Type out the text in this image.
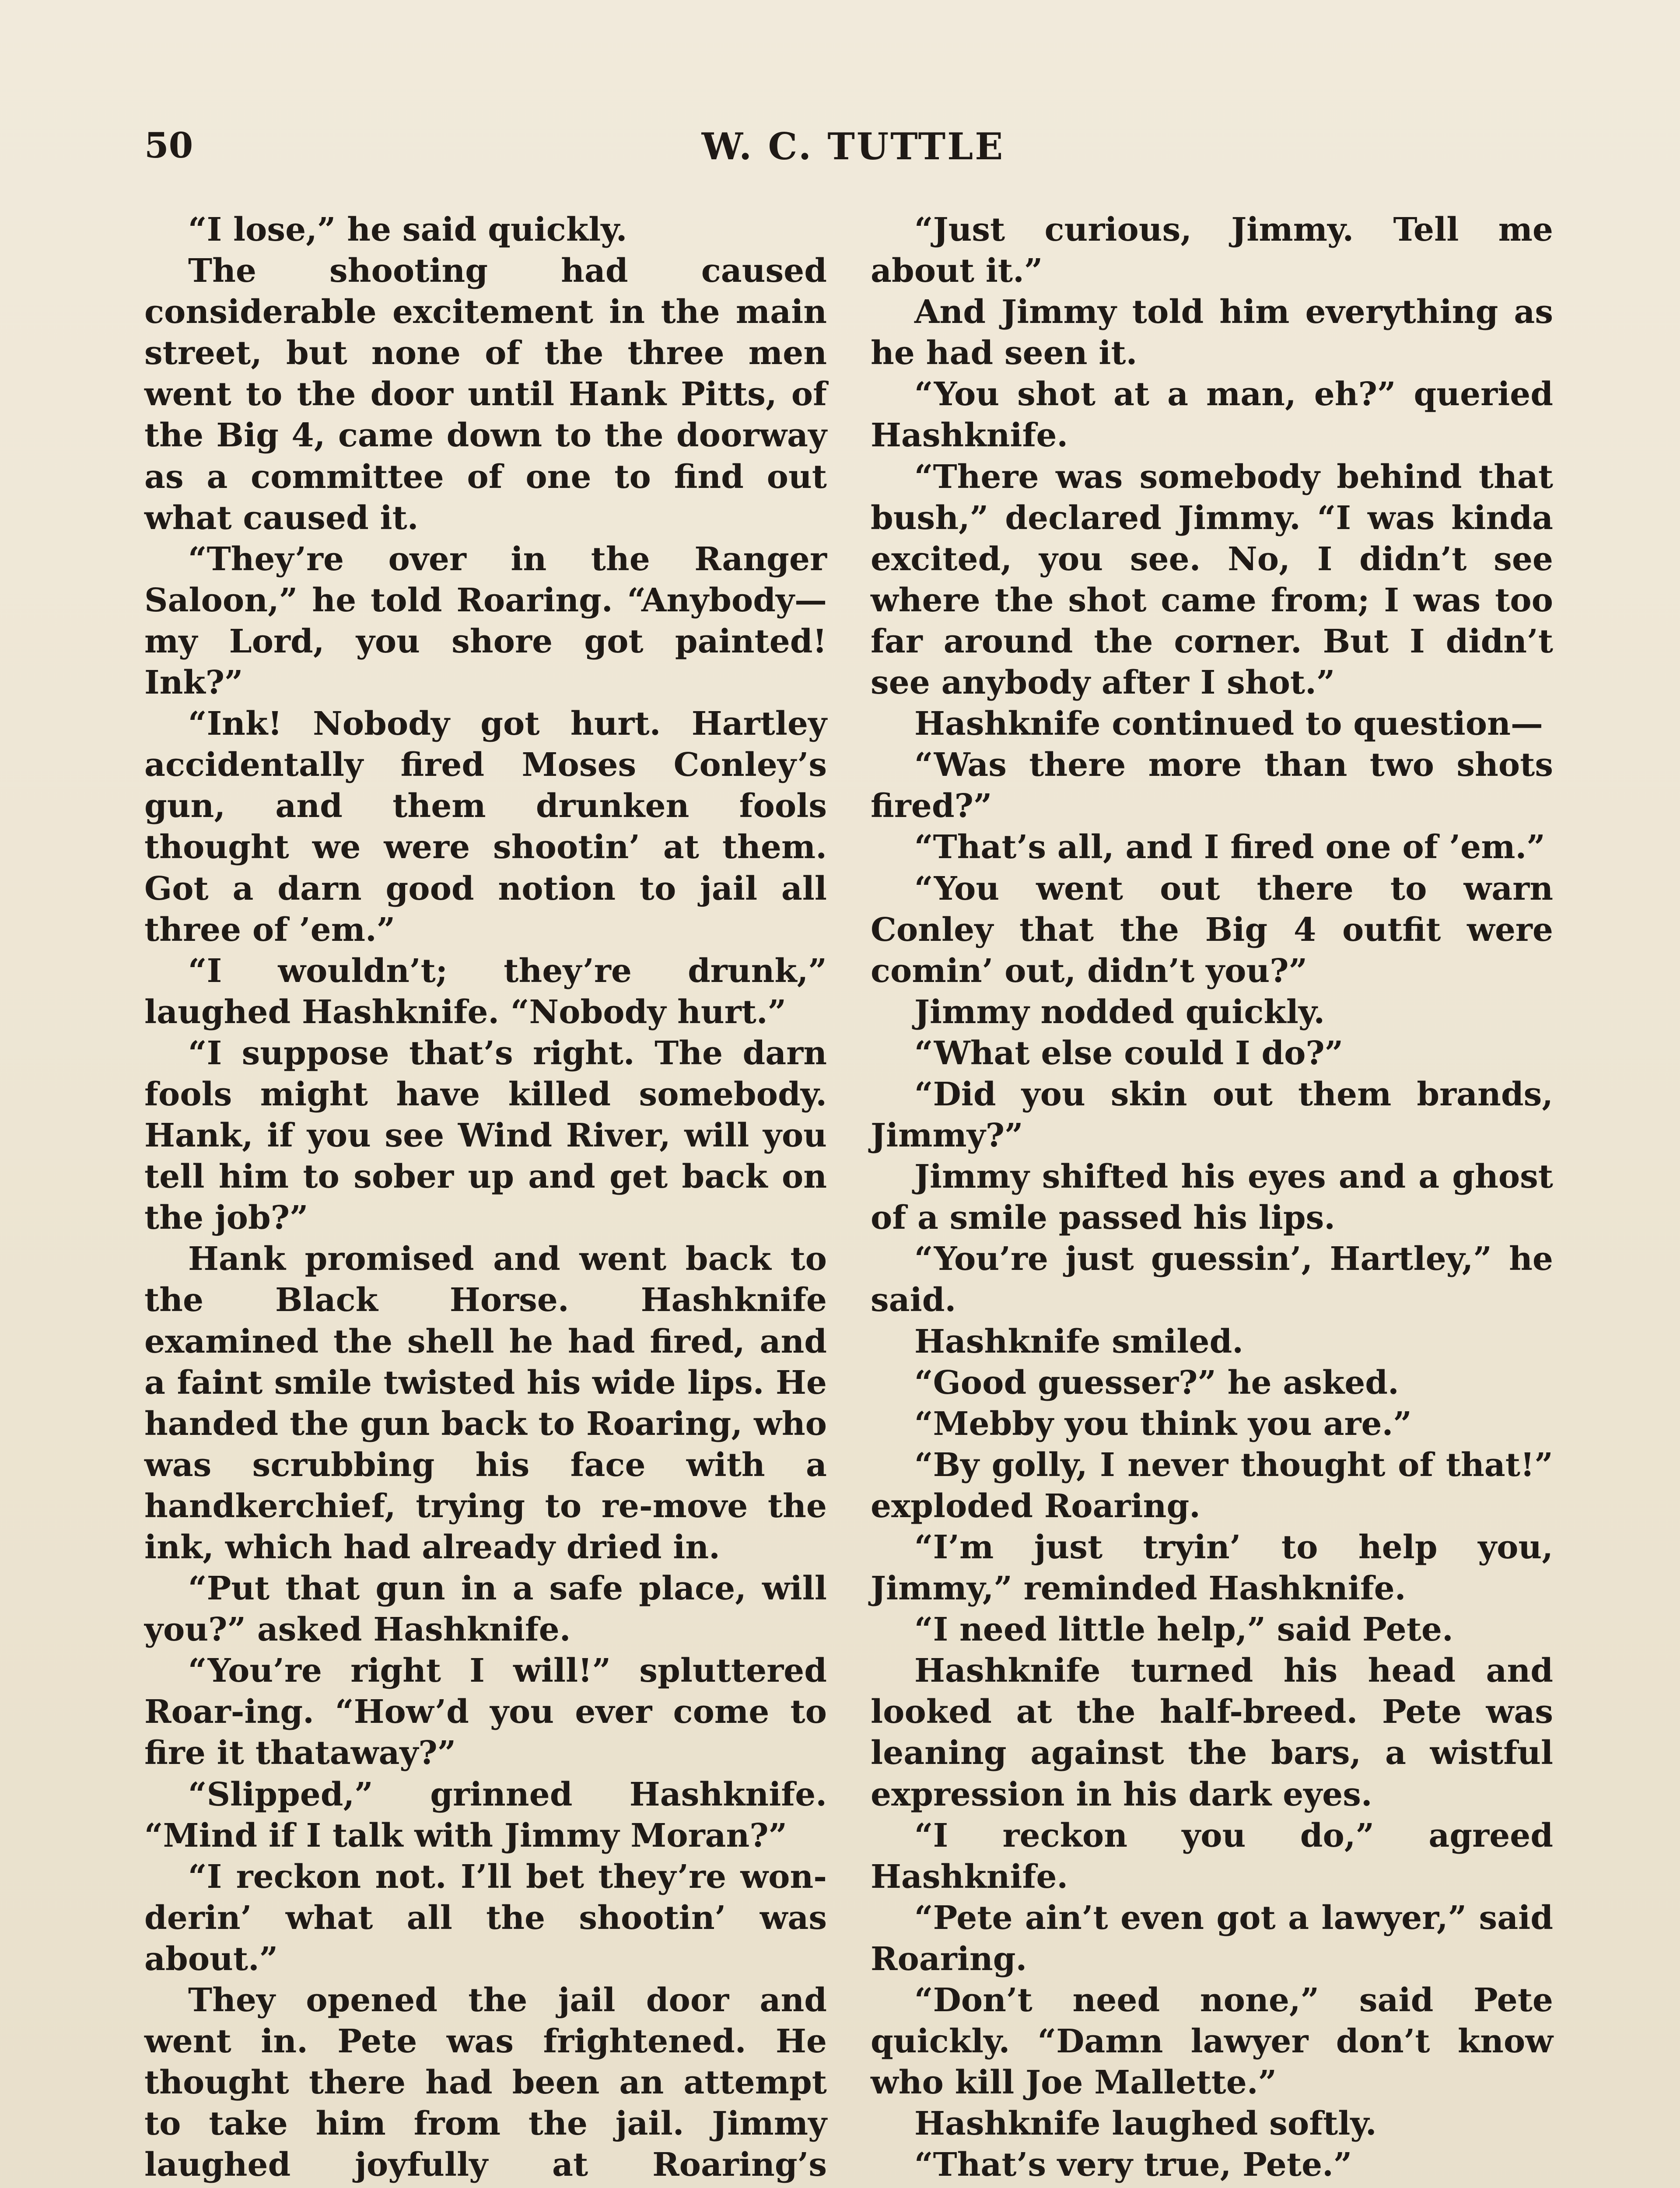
50	W. C. TUTTLE

“I lose,” he said quickly.

The shooting had caused considerable excitement in the main street, but none of the three men went to the door until Hank Pitts, of the Big 4, came down to the doorway as a committee of one to find out what caused it.

“They’re over in the Ranger Saloon,” he told Roaring. “Anybody—my Lord, you shore got painted! Ink?”

“Ink! Nobody got hurt. Hartley accidentally fired Moses Conley’s gun, and them drunken fools thought we were shootin’ at them. Got a darn good notion to jail all three of ’em.”

“I wouldn’t; they’re drunk,” laughed Hashknife. “Nobody hurt.”

“I suppose that’s right. The darn fools might have killed somebody. Hank, if you see Wind River, will you tell him to sober up and get back on the job?”

Hank promised and went back to the Black Horse. Hashknife examined the shell he had fired, and a faint smile twisted his wide lips. He handed the gun back to Roaring, who was scrubbing his face with a handkerchief, trying to re-move the ink, which had already dried in.

“Put that gun in a safe place, will you?” asked Hashknife.

“You’re right I will!” spluttered Roar-ing. “How’d you ever come to fire it thataway?”

“Slipped,” grinned Hashknife. “Mind if I talk with Jimmy Moran?”

“I reckon not. I’ll bet they’re won-derin’ what all the shootin’ was about.”

They opened the jail door and went in. Pete was frightened. He thought there had been an attempt to take him from the jail. Jimmy laughed joyfully at Roaring’s

“Just curious, Jimmy. Tell me about it.”

And Jimmy told him everything as he had seen it.

“You shot at a man, eh?” queried Hashknife.

“There was somebody behind that bush,” declared Jimmy. “I was kinda excited, you see. No, I didn’t see where the shot came from; I was too far around the corner. But I didn’t see anybody after I shot.”

Hashknife continued to question—

“Was there more than two shots fired?”

“That’s all, and I fired one of ’em.”

“You went out there to warn Conley that the Big 4 outfit were comin’ out, didn’t you?”

Jimmy nodded quickly.

“What else could I do?”

“Did you skin out them brands, Jimmy?”

Jimmy shifted his eyes and a ghost of a smile passed his lips.

“You’re just guessin’, Hartley,” he said.

Hashknife smiled.

“Good guesser?” he asked.

“Mebby you think you are.”

“By golly, I never thought of that!” exploded Roaring.

“I’m just tryin’ to help you, Jimmy,” reminded Hashknife.

“I need little help,” said Pete.

Hashknife turned his head and looked at the half-breed. Pete was leaning against the bars, a wistful expression in his dark eyes.

“I reckon you do,” agreed Hashknife.

“Pete ain’t even got a lawyer,” said Roaring.

“Don’t need none,” said Pete quickly. “Damn lawyer don’t know who kill Joe Mallette.”

Hashknife laughed softly.

“That’s very true, Pete.”
